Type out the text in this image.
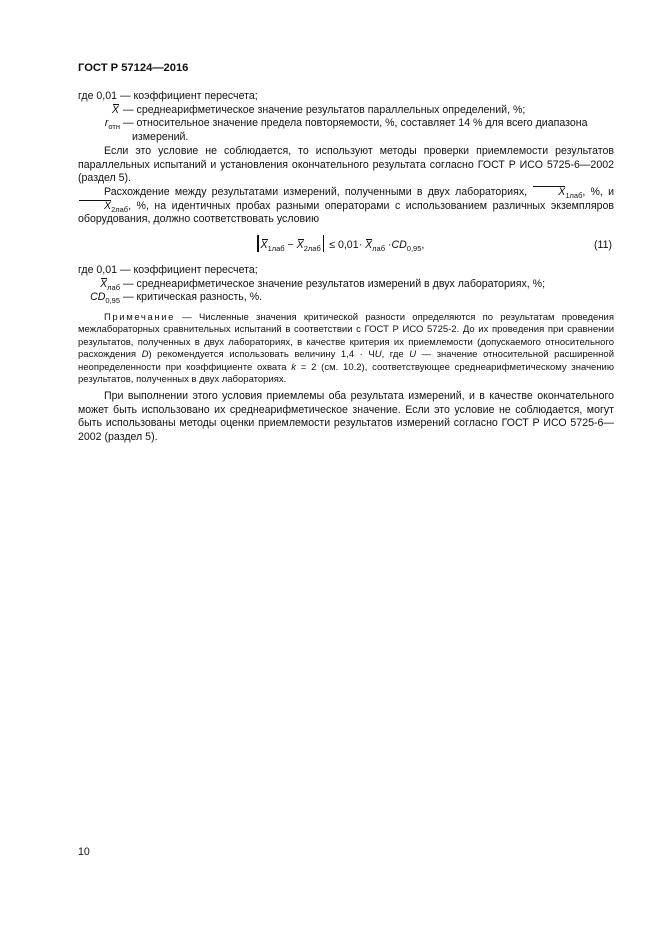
ГОСТ Р 57124—2016
где 0,01 — коэффициент пересчета;
X — среднеарифметическое значение результатов параллельных определений, %;
$r_{отн}$ — относительное значение предела повторяемости, %, составляет 14 % для всего диапазона
измерений.

Если это условие не соблюдается, то используют методы проверки приемлемости результатов параллельных испытаний и установления окончательного результата согласно ГОСТ Р ИСО 5725-6—2002 (раздел 5).

Расхождение между результатами измерений, полученными в двух лабораториях,	$X_{1лаб}$, %, и $X_{2лаб}$, %, на идентичных пробах разными операторами с использованием различных экземпляров оборудования, должно соответствовать условию

$X_{1лаб} - X_{2лаб} \le 0,01\cdot X_{лаб} \cdot CD_{0,95}$,	(11)
где 0,01 — коэффициент пересчета;
$X_{лаб}$ — среднеарифметическое значение результатов измерений в двух лабораториях, %;
$CD_{0,95}$ — критическая разность, %.

Примечание — Численные значения критической разности определяются по результатам проведения межлабораторных сравнительных испытаний в соответствии с ГОСТ Р ИСО 5725-2. До их проведения при сравнении результатов, полученных в двух лабораториях, в качестве критерия их приемлемости (допускаемого относительного расхождения D) рекомендуется использовать величину 1,4 · ЧU, где U — значение относительной расширенной неопределенности при коэффициенте охвата k = 2 (см. 10.2), соответствующее среднеарифметическому значению результатов, полученных в двух лабораториях.

При выполнении этого условия приемлемы оба результата измерений, и в качестве окончательного может быть использовано их среднеарифметическое значение. Если это условие не соблюдается, могут быть использованы методы оценки приемлемости результатов измерений согласно ГОСТ Р ИСО 5725-6—2002 (раздел 5).

10
